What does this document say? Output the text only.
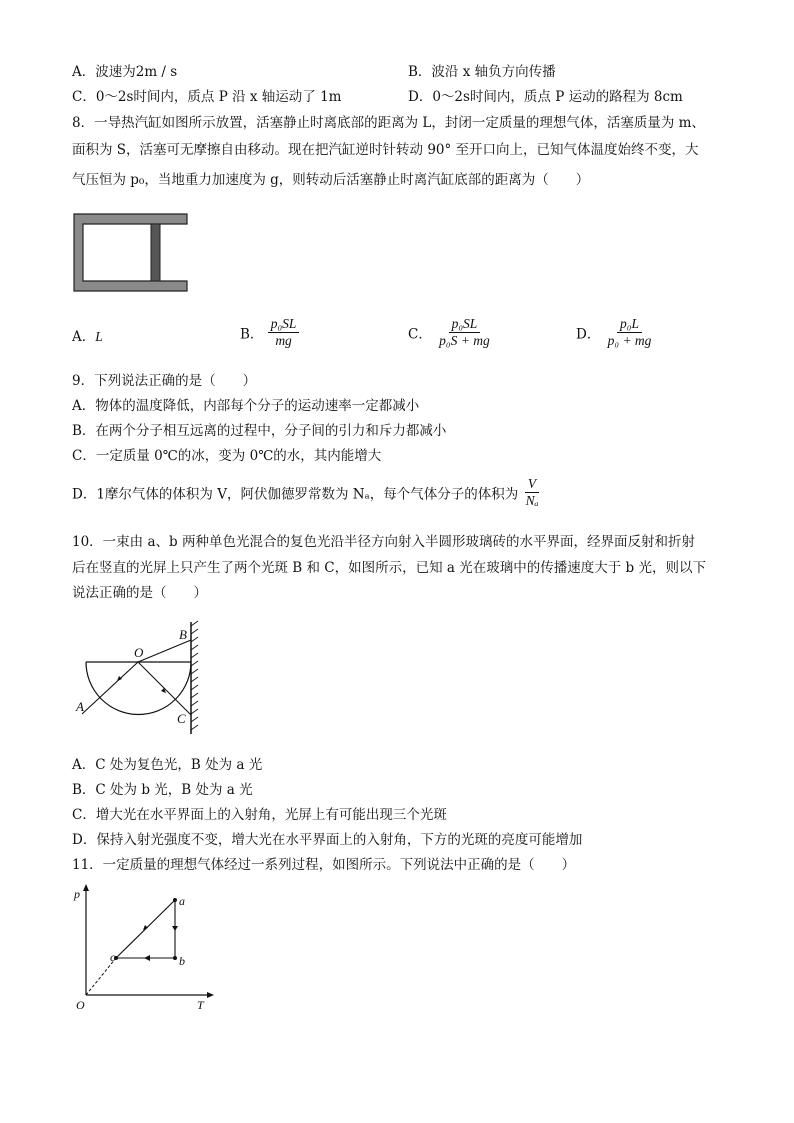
A．波速为2m / s	B．波沿 x 轴负方向传播
C．0～2s时间内，质点 P 沿 x 轴运动了 1m	D．0～2s时间内，质点 P 运动的路程为 8cm
8．一导热汽缸如图所示放置，活塞静止时离底部的距离为 L，封闭一定质量的理想气体，活塞质量为 m、
面积为 S，活塞可无摩擦自由移动。现在把汽缸逆时针转动 90° 至开口向上，已知气体温度始终不变，大
气压恒为 p₀，当地重力加速度为 g，则转动后活塞静止时离汽缸底部的距离为（　　）
A．L	B． $\frac{\text{p₀SL}}{mg}$	C． $\frac{\text{p₀SL}}{\text{p₀S + mg}}$	D． $\frac{\text{p₀L}}{\text{p₀ + mg}}$
9．下列说法正确的是（　　）
A．物体的温度降低，内部每个分子的运动速率一定都减小
B．在两个分子相互远离的过程中，分子间的引力和斥力都减小
C．一定质量 0℃的冰，变为 0℃的水，其内能增大
D．1摩尔气体的体积为 V，阿伏伽德罗常数为 Nₐ，每个气体分子的体积为 $\frac{V}{\text{Nₐ}}$
10．一束由 a、b 两种单色光混合的复色光沿半径方向射入半圆形玻璃砖的水平界面，经界面反射和折射
后在竖直的光屏上只产生了两个光斑 B 和 C，如图所示，已知 a 光在玻璃中的传播速度大于 b 光，则以下
说法正确的是（　　）
O
A
B
C
A．C 处为复色光，B 处为 a 光
B．C 处为 b 光，B 处为 a 光
C．增大光在水平界面上的入射角，光屏上有可能出现三个光斑
D．保持入射光强度不变，增大光在水平界面上的入射角，下方的光斑的亮度可能增加
11．一定质量的理想气体经过一系列过程，如图所示。下列说法中正确的是（　　）
p
T
O
a
b
c
